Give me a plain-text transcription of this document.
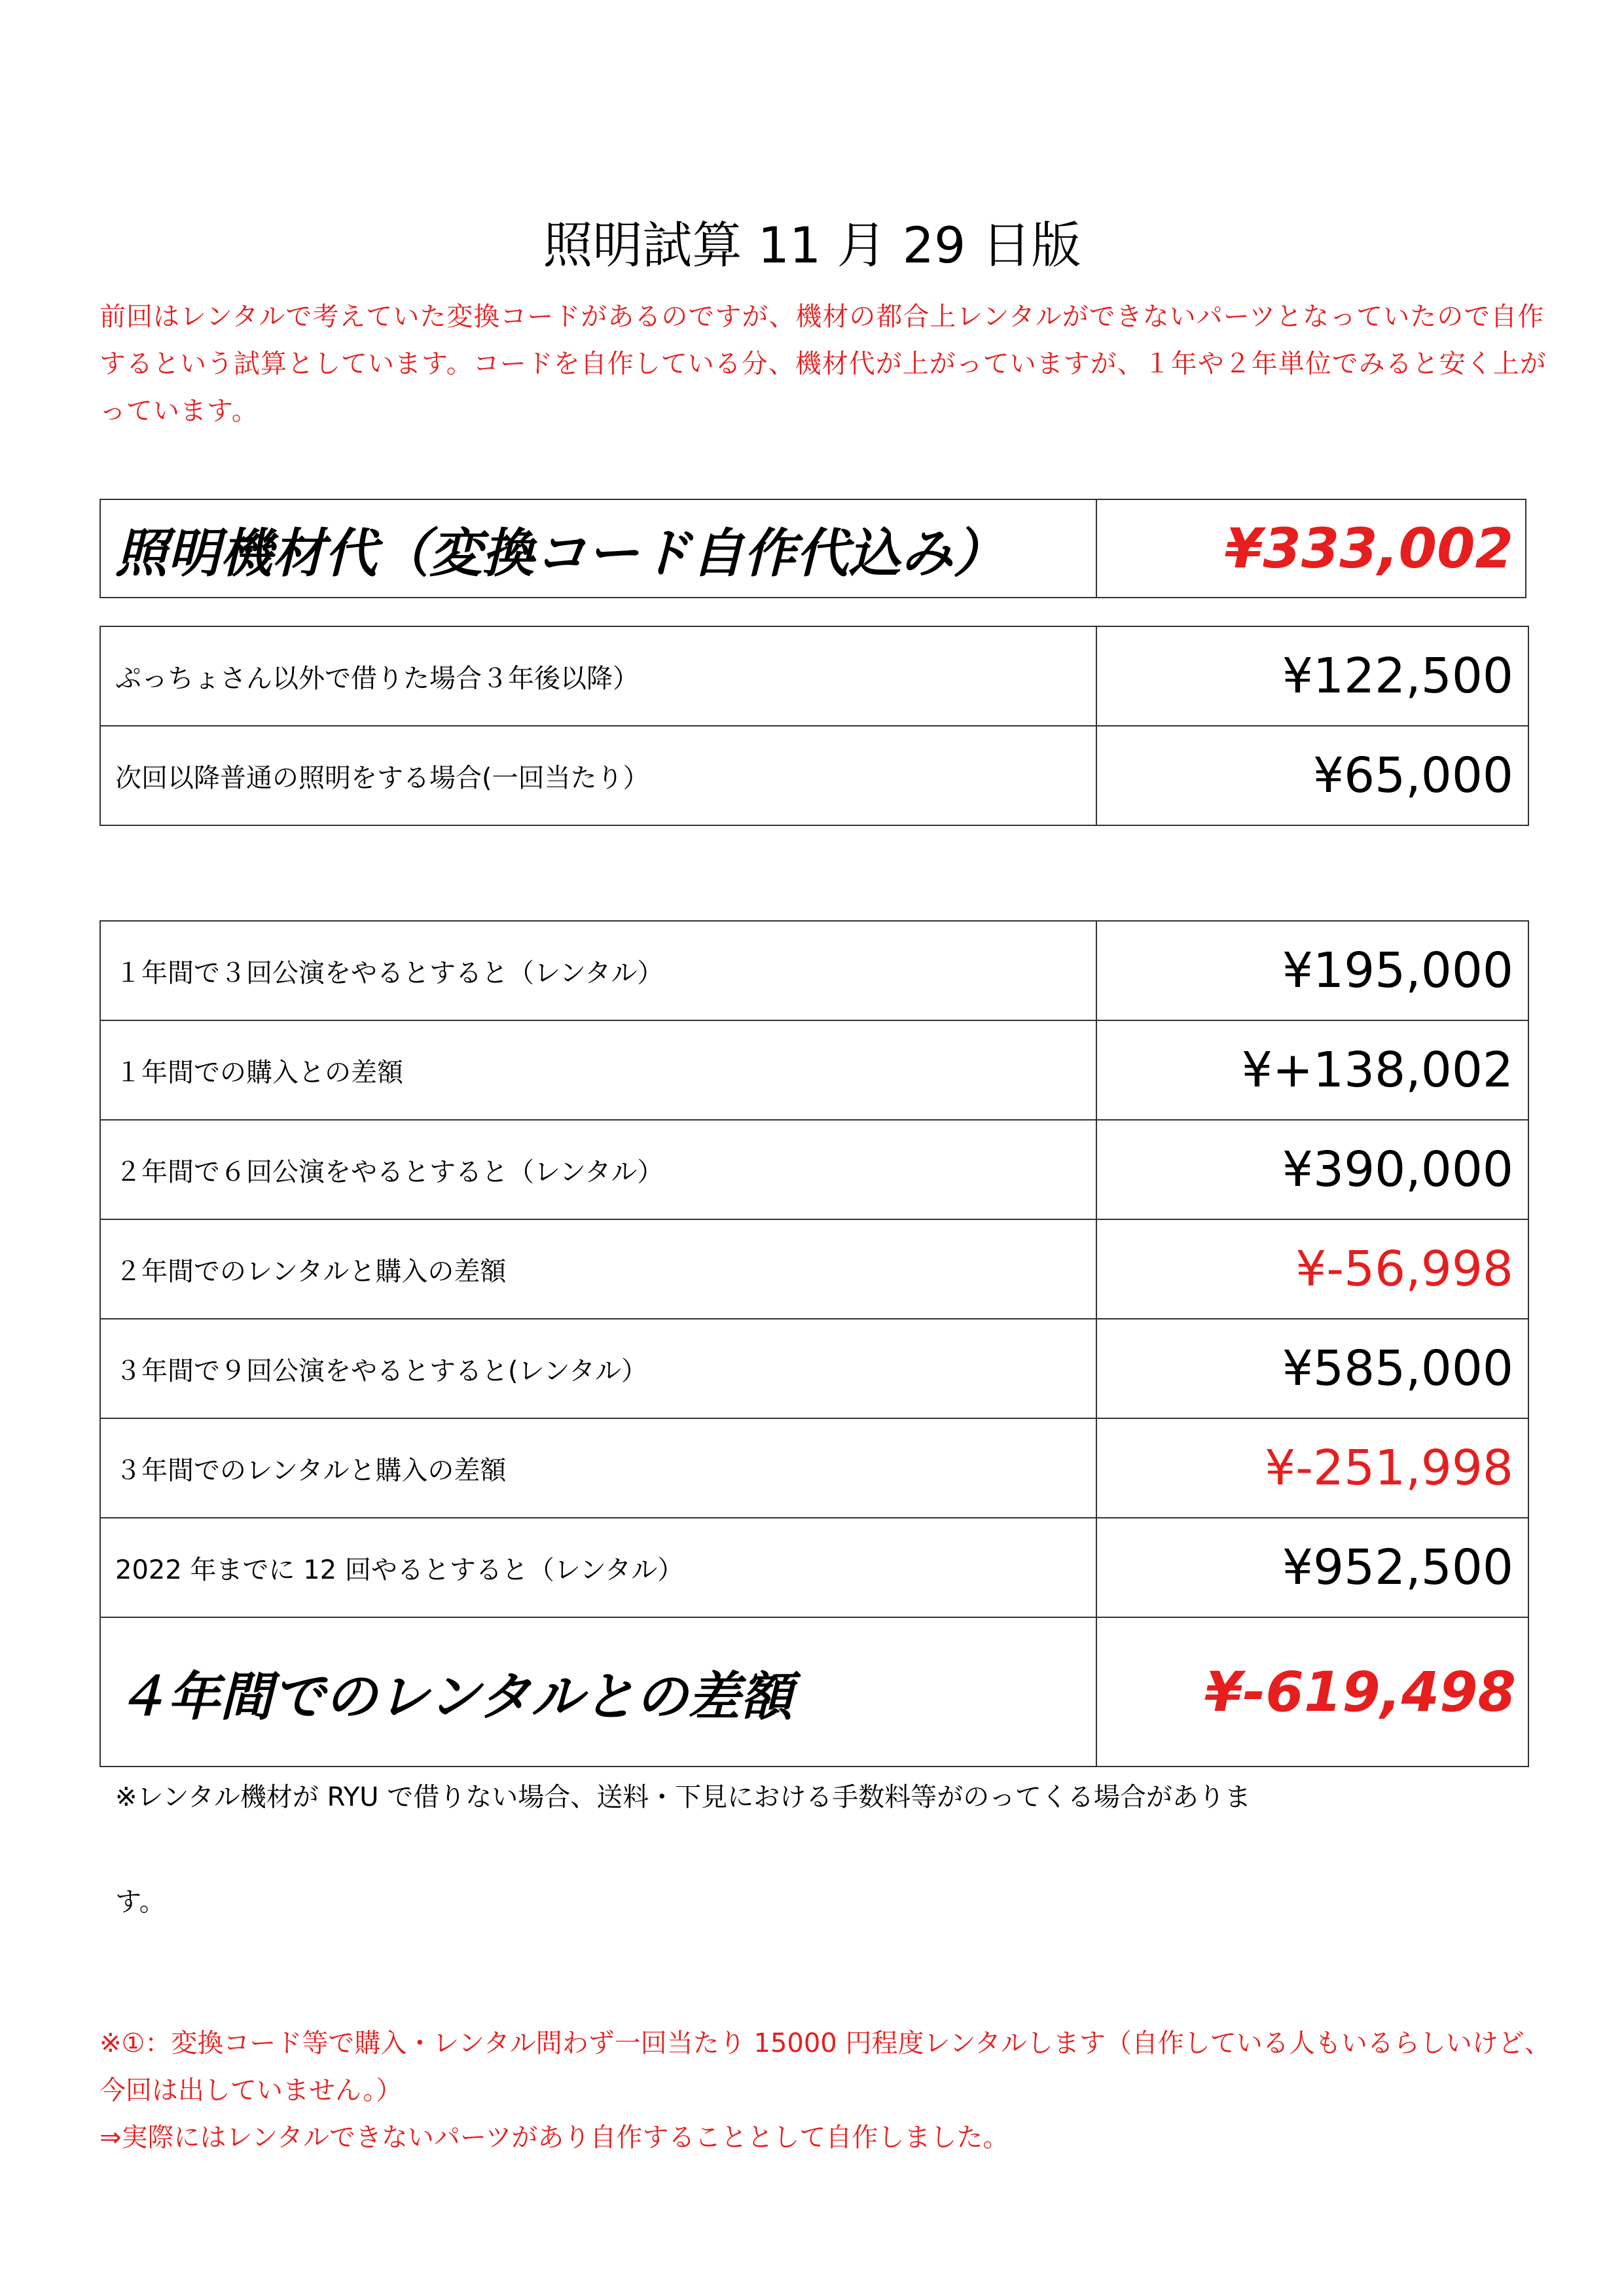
照明試算 11 月 29 日版
前回はレンタルで考えていた変換コードがあるのですが、機材の都合上レンタルができないパーツとなっていたので自作するという試算としています。コードを自作している分、機材代が上がっていますが、１年や２年単位でみると安く上がっています。
照明機材代（変換コード自作代込み）	¥333,002
ぷっちょさん以外で借りた場合３年後以降）	¥122,500
次回以降普通の照明をする場合(一回当たり）	¥65,000
１年間で３回公演をやるとすると（レンタル）	¥195,000
１年間での購入との差額	¥+138,002
２年間で６回公演をやるとすると（レンタル）	¥390,000
２年間でのレンタルと購入の差額	¥-56,998
３年間で９回公演をやるとすると(レンタル）	¥585,000
３年間でのレンタルと購入の差額	¥-251,998
2022 年までに 12 回やるとすると（レンタル）	¥952,500
４年間でのレンタルとの差額	¥-619,498
※レンタル機材が RYU で借りない場合、送料・下見における手数料等がのってくる場合がありま
す。
※①：変換コード等で購入・レンタル問わず一回当たり 15000 円程度レンタルします（自作している人もいるらしいけど、今回は出していません。）
⇒実際にはレンタルできないパーツがあり自作することとして自作しました。
